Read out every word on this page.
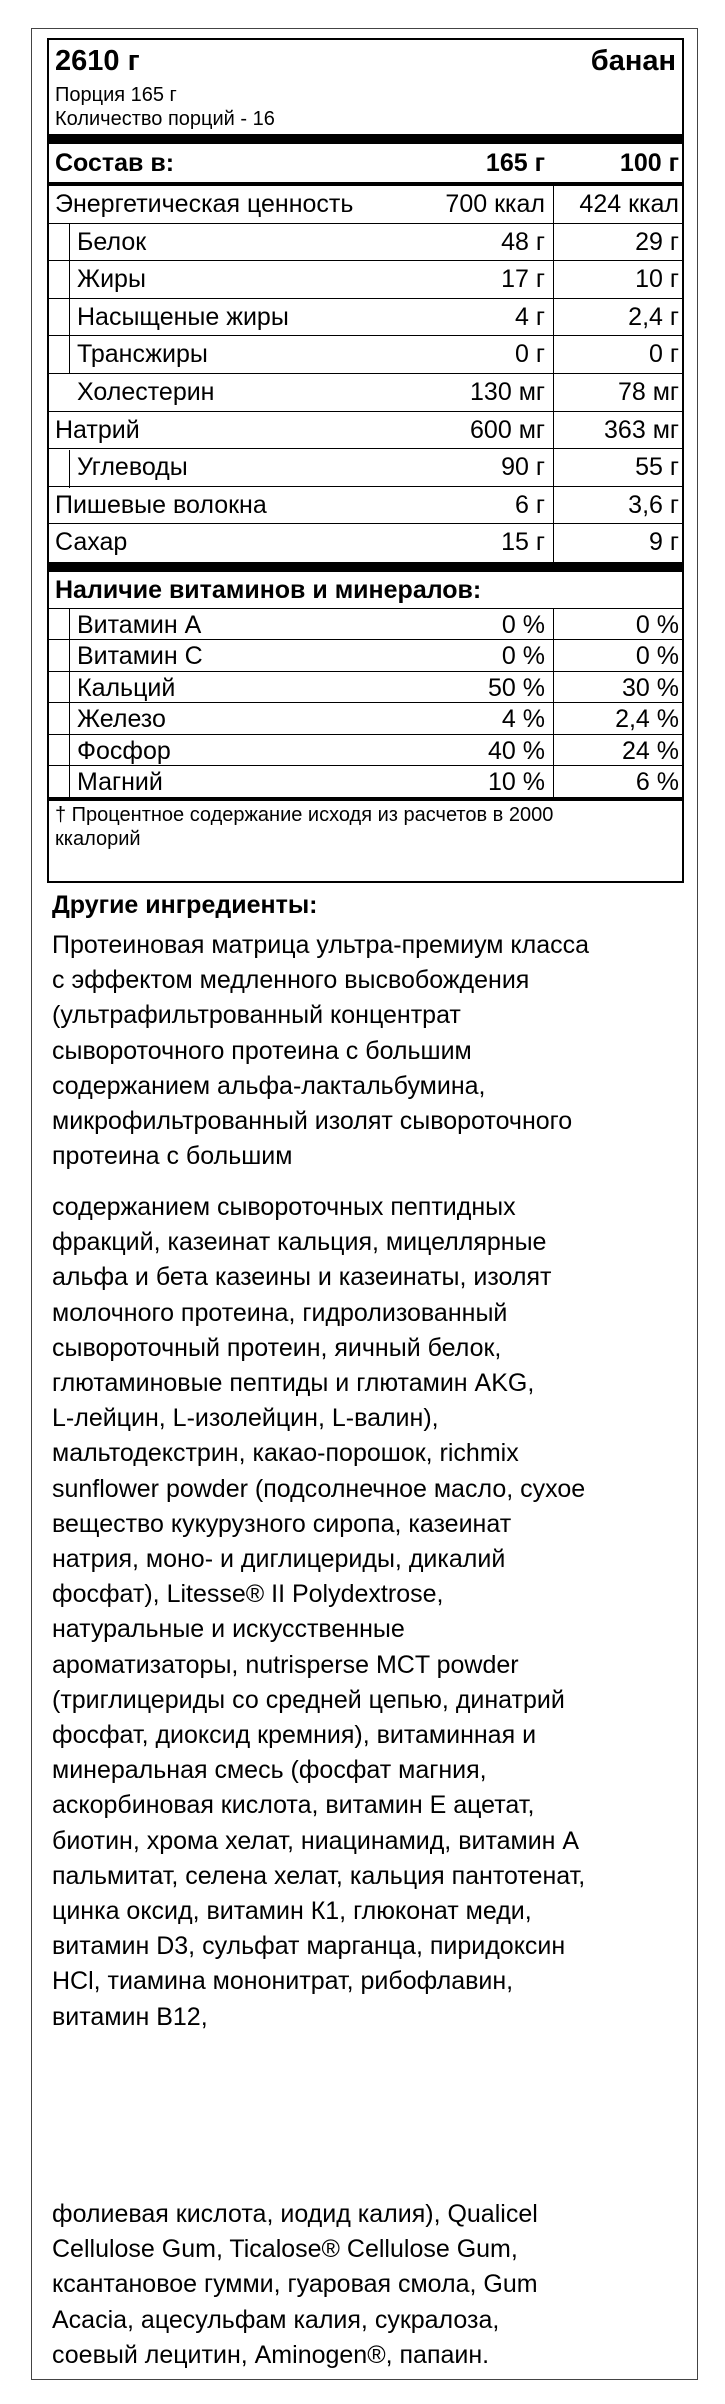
2610 г	банан
Порция 165 г
Количество порций - 16
Состав в:	165 г	100 г
Энергетическая ценность	700 ккал 424 ккал
Белок	48 г	29 г
Жиры	17 г	10 г
Насыщеные жиры	4 г	2,4 г
Трансжиры	0 г	0 г
Холестерин	130 мг	78 мг
Натрий	600 мг 363 мг
Углеводы	90 г	55 г
Пишевые волокна	6 г	3,6 г
Сахар	15 г	9 г
Наличие витаминов и минералов:
Витамин А	0 %	0 %
Витамин С	0 %	0 %
Кальций	50 %	30 %
Железо	4 %	2,4 %
Фосфор	40 %	24 %
Магний	10 %	6 %
† Процентное содержание исходя из расчетов в 2000
ккалорий
Другие ингредиенты:
Протеиновая матрица ультра-премиум класса
с эффектом медленного высвобождения
(ультрафильтрованный концентрат
сывороточного протеина с большим
содержанием альфа-лактальбумина,
микрофильтрованный изолят сывороточного
протеина с большим
содержанием сывороточных пептидных
фракций, казеинат кальция, мицеллярные
альфа и бета казеины и казеинаты, изолят
молочного протеина, гидролизованный
сывороточный протеин, яичный белок,
глютаминовые пептиды и глютамин AKG,
L-лейцин, L-изолейцин, L-валин),
мальтодекстрин, какао-порошок, richmix
sunflower powder (подсолнечное масло, сухое
вещество кукурузного сиропа, казеинат
натрия, моно- и диглицериды, дикалий
фосфат), Litesse® II Polydextrose,
натуральные и искусственные
ароматизаторы, nutrisperse MCT powder
(триглицериды со средней цепью, динатрий
фосфат, диоксид кремния), витаминная и
минеральная смесь (фосфат магния,
аскорбиновая кислота, витамин Е ацетат,
биотин, хрома хелат, ниацинамид, витамин А
пальмитат, селена хелат, кальция пантотенат,
цинка оксид, витамин К1, глюконат меди,
витамин D3, сульфат марганца, пиридоксин
HCl, тиамина мононитрат, рибофлавин,
витамин В12,
фолиевая кислота, иодид калия), Qualicel
Cellulose Gum, Ticalose® Cellulose Gum,
ксантановое гумми, гуаровая смола, Gum
Acacia, ацесульфам калия, сукралоза,
соевый лецитин, Aminogen®, папаин.
